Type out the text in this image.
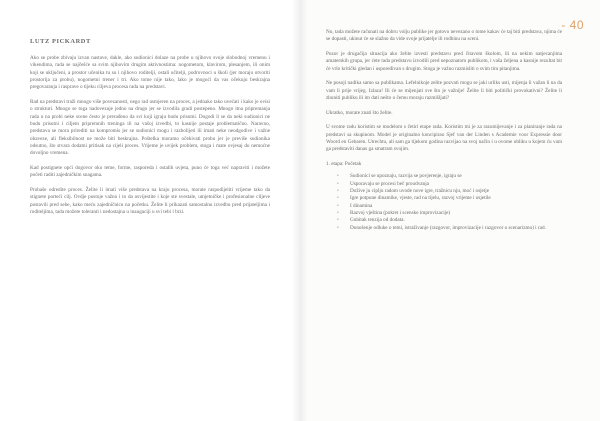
- 40
LUTZ PICKARDT

Ako se probe zbivaju izvan nastave, dakle, ako sudionici dolaze na probe u njihovo svoje slobodnoj vremenu i vikendima, rada se najčešće sa svim njihovim drugim aktivnostima: nogometom, klavirom, plesanjem, ili onim koji se uključeni, a prostor učenika tu su i njihovo roditelji, ostali učitelji, podrovnoci u školi (jer moraju otvoriti prostorija za probu), nogometni trener i tri. Ako tome nije tako, lako je mogući da vas očekuju beskrajna pregovaranja i rasprave o tijeku ciljeva procesa rada na predstavi.

Rad na predstavi traži mnogo više povezanosti, nego rad usmjeren na proces, a jednako tako uvećati i kako je ovisi o strukturi. Mnogo se toga nadovezuje jedno na drugo jer se izvodila gradi postepeno. Mnogo itna pripremanja rada u na probi neke scene često je prerađeno da svi koji igraju budu prisutni. Dogodi li se da neki sudionici ne budu prisutni i ciljem pripremnih treninga ili na vašoj izvedbi, to kasnije postaje problematično. Naravno, predstava se mora prirediti na kompromis jer se sudionici mogu i razbolijeti ili imati neke neodgodive i važne obaveze, ali fleksibilnost ne može biti beskrajna. Poštelka moramo očekivati probu jer je previše sudionika odsutno, što stvara dodatni pritisak na cijeli proces. Vrijeme je uvijek problem, stoga i mate ovjesaj do nemoćne dovoljno vremena.

Kad postignete opći dogovor oko teme, forme, rasporeda i ostalih uvjeta, puno će toga već napraviti i možete početi raditi zajedničkim snagama.

Probaše odredite proces. Želite li imati više predstava na kraju procesa, morate raspodijeliti vrijeme tako da stignete porteći cilj. Ovdje postoje važno i to da osvijestite i koje ste svestale, umjetničke i profesionalne ciljeve postavili pred sebe, kako meću zajedničnicu na početku. Želite li prikazati samostalnu izvedbu pred prijateljima i roditeljima, tada možete toleranti i nedostajna u inaugaciji u svi tebi i brzi.

No, tada možete računati na dobru volju publike jer gotovo nevezano o tome kakav će taj biti predstava, njima će se dopasti, ukinut će se slažno da vide svoje prijatelje ili rodbinu na sceni.

Pozor je drugačija situacija ako želite izvesti predstavu pred čitavom školom, ili na nekim natjecanjima amaterskih grupa, jer ćete tada predstavu izvodili pred nepoznatom publikom, i vaša željena a kasnije rezultat bit će vrlo kritički gledan i uspoređivan s drugim. Stoga je važno razmisliti o svim tim pitanjima.

Ne posoji nadika samo sa publikama. Lefelnikoje zelite pozvati mogu se jaki urliks usti, mijenja li važan li na da vam li prije vrijeg. Izlaza! Ili će se mijenjati sve što je važnije! Želite li biti politički provokativni? Želite li zbuniti publiku ili im dati nešto o čemu moraju razmišljati?

Ukratko, morate znati što želite.

U svome radu koristim se modelom s četiri etape rada. Koristim mi je za razumijevanje i za planiranje rada na predstavi sa skupinom. Model je originalno koncipirao Sjef van der Linden s Academie voor Expressie door Woord en Gebaren. Utrechtu, ali sam ga tijekom godina razvijao na svoj način i u ovome obliku u kojem ću vam ga predstaviti danas ga smatram svojim.

1. etapa: Početak

• Sudionici se upoznaju, razvija se povjerenje, igraju se
• Usporavaju se procesi beč proudvanja
• Dožive ju ciplju radom uvode nove igre, tražnicu nju, moć i osjetje
• Igre potpune dinamike, vjeste, rad na tijelu, razvoj vrijeme i osjetile
• I dinamina
• Razvoj vještina (pokret i scenske improvizacije)
• Gubitak tenzija od dodata.
• Donošenje odluke o temi, istraživanje (razgovor, improvizacije i razgovor o scenarizmu) i rad.
